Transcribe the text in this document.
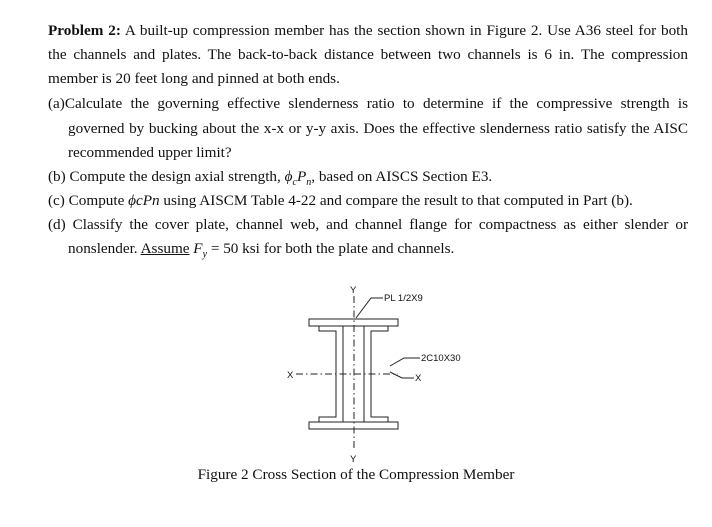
Problem 2: A built-up compression member has the section shown in Figure 2. Use A36 steel for both
the channels and plates. The back-to-back distance between two channels is 6 in. The compression
member is 20 feet long and pinned at both ends.
(a)Calculate the governing effective slenderness ratio to determine if the compressive strength is
governed by bucking about the x-x or y-y axis. Does the effective slenderness ratio satisfy the AISC
recommended upper limit?
(b) Compute the design axial strength, $\phi_cP_n$, based on AISCS Section E3.
(c) Compute ϕcPn using AISCM Table 4-22 and compare the result to that computed in Part (b).
(d) Classify the cover plate, channel web, and channel flange for compactness as either slender or
nonslender. Assume $F_y = 50$ ksi for both the plate and channels.
Y
Y
X	X
PL 1/2X9
2C10X30
Figure 2 Cross Section of the Compression Member
